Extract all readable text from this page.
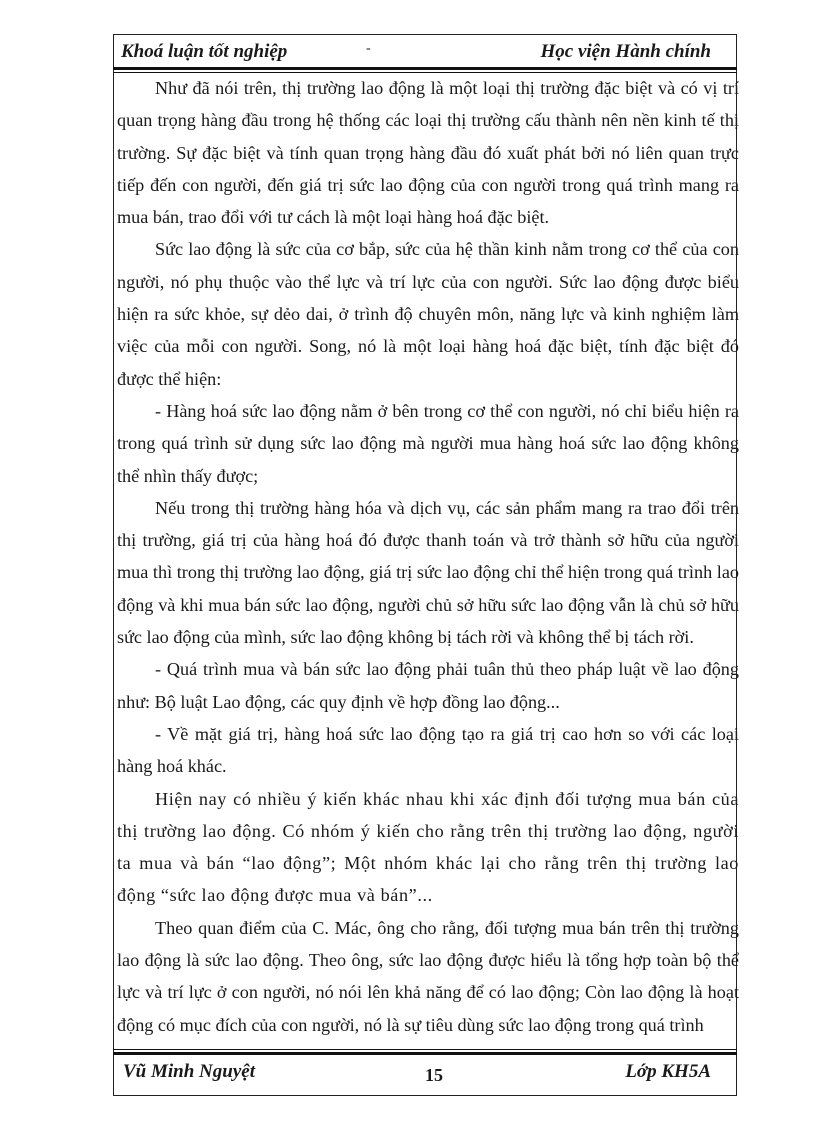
Khoá luận tốt nghiệp	-	Học viện Hành chính

Như đã nói trên, thị trường lao động là một loại thị trường đặc biệt và có vị trí quan trọng hàng đầu trong hệ thống các loại thị trường cấu thành nên nền kinh tế thị trường. Sự đặc biệt và tính quan trọng hàng đầu đó xuất phát bởi nó liên quan trực tiếp đến con người, đến giá trị sức lao động của con người trong quá trình mang ra mua bán, trao đổi với tư cách là một loại hàng hoá đặc biệt.

Sức lao động là sức của cơ bắp, sức của hệ thần kinh nằm trong cơ thể của con người, nó phụ thuộc vào thể lực và trí lực của con người. Sức lao động được biểu hiện ra sức khỏe, sự dẻo dai, ở trình độ chuyên môn, năng lực và kinh nghiệm làm việc của mỗi con người. Song, nó là một loại hàng hoá đặc biệt, tính đặc biệt đó được thể hiện:

- Hàng hoá sức lao động nằm ở bên trong cơ thể con người, nó chỉ biểu hiện ra trong quá trình sử dụng sức lao động mà người mua hàng hoá sức lao động không thể nhìn thấy được;

Nếu trong thị trường hàng hóa và dịch vụ, các sản phẩm mang ra trao đổi trên thị trường, giá trị của hàng hoá đó được thanh toán và trở thành sở hữu của người mua thì trong thị trường lao động, giá trị sức lao động chỉ thể hiện trong quá trình lao động và khi mua bán sức lao động, người chủ sở hữu sức lao động vẫn là chủ sở hữu sức lao động của mình, sức lao động không bị tách rời và không thể bị tách rời.

- Quá trình mua và bán sức lao động phải tuân thủ theo pháp luật về lao động như: Bộ luật Lao động, các quy định về hợp đồng lao động...

- Về mặt giá trị, hàng hoá sức lao động tạo ra giá trị cao hơn so với các loại hàng hoá khác.

Hiện nay có nhiều ý kiến khác nhau khi xác định đối tượng mua bán của thị trường lao động. Có nhóm ý kiến cho rằng trên thị trường lao động, người ta mua và bán “lao động”; Một nhóm khác lại cho rằng trên thị trường lao động “sức lao động được mua và bán”...

Theo quan điểm của C. Mác, ông cho rằng, đối tượng mua bán trên thị trường lao động là sức lao động. Theo ông, sức lao động được hiểu là tổng hợp toàn bộ thể lực và trí lực ở con người, nó nói lên khả năng để có lao động; Còn lao động là hoạt động có mục đích của con người, nó là sự tiêu dùng sức lao động trong quá trình

Vũ Minh Nguyệt	15	Lớp KH5A
